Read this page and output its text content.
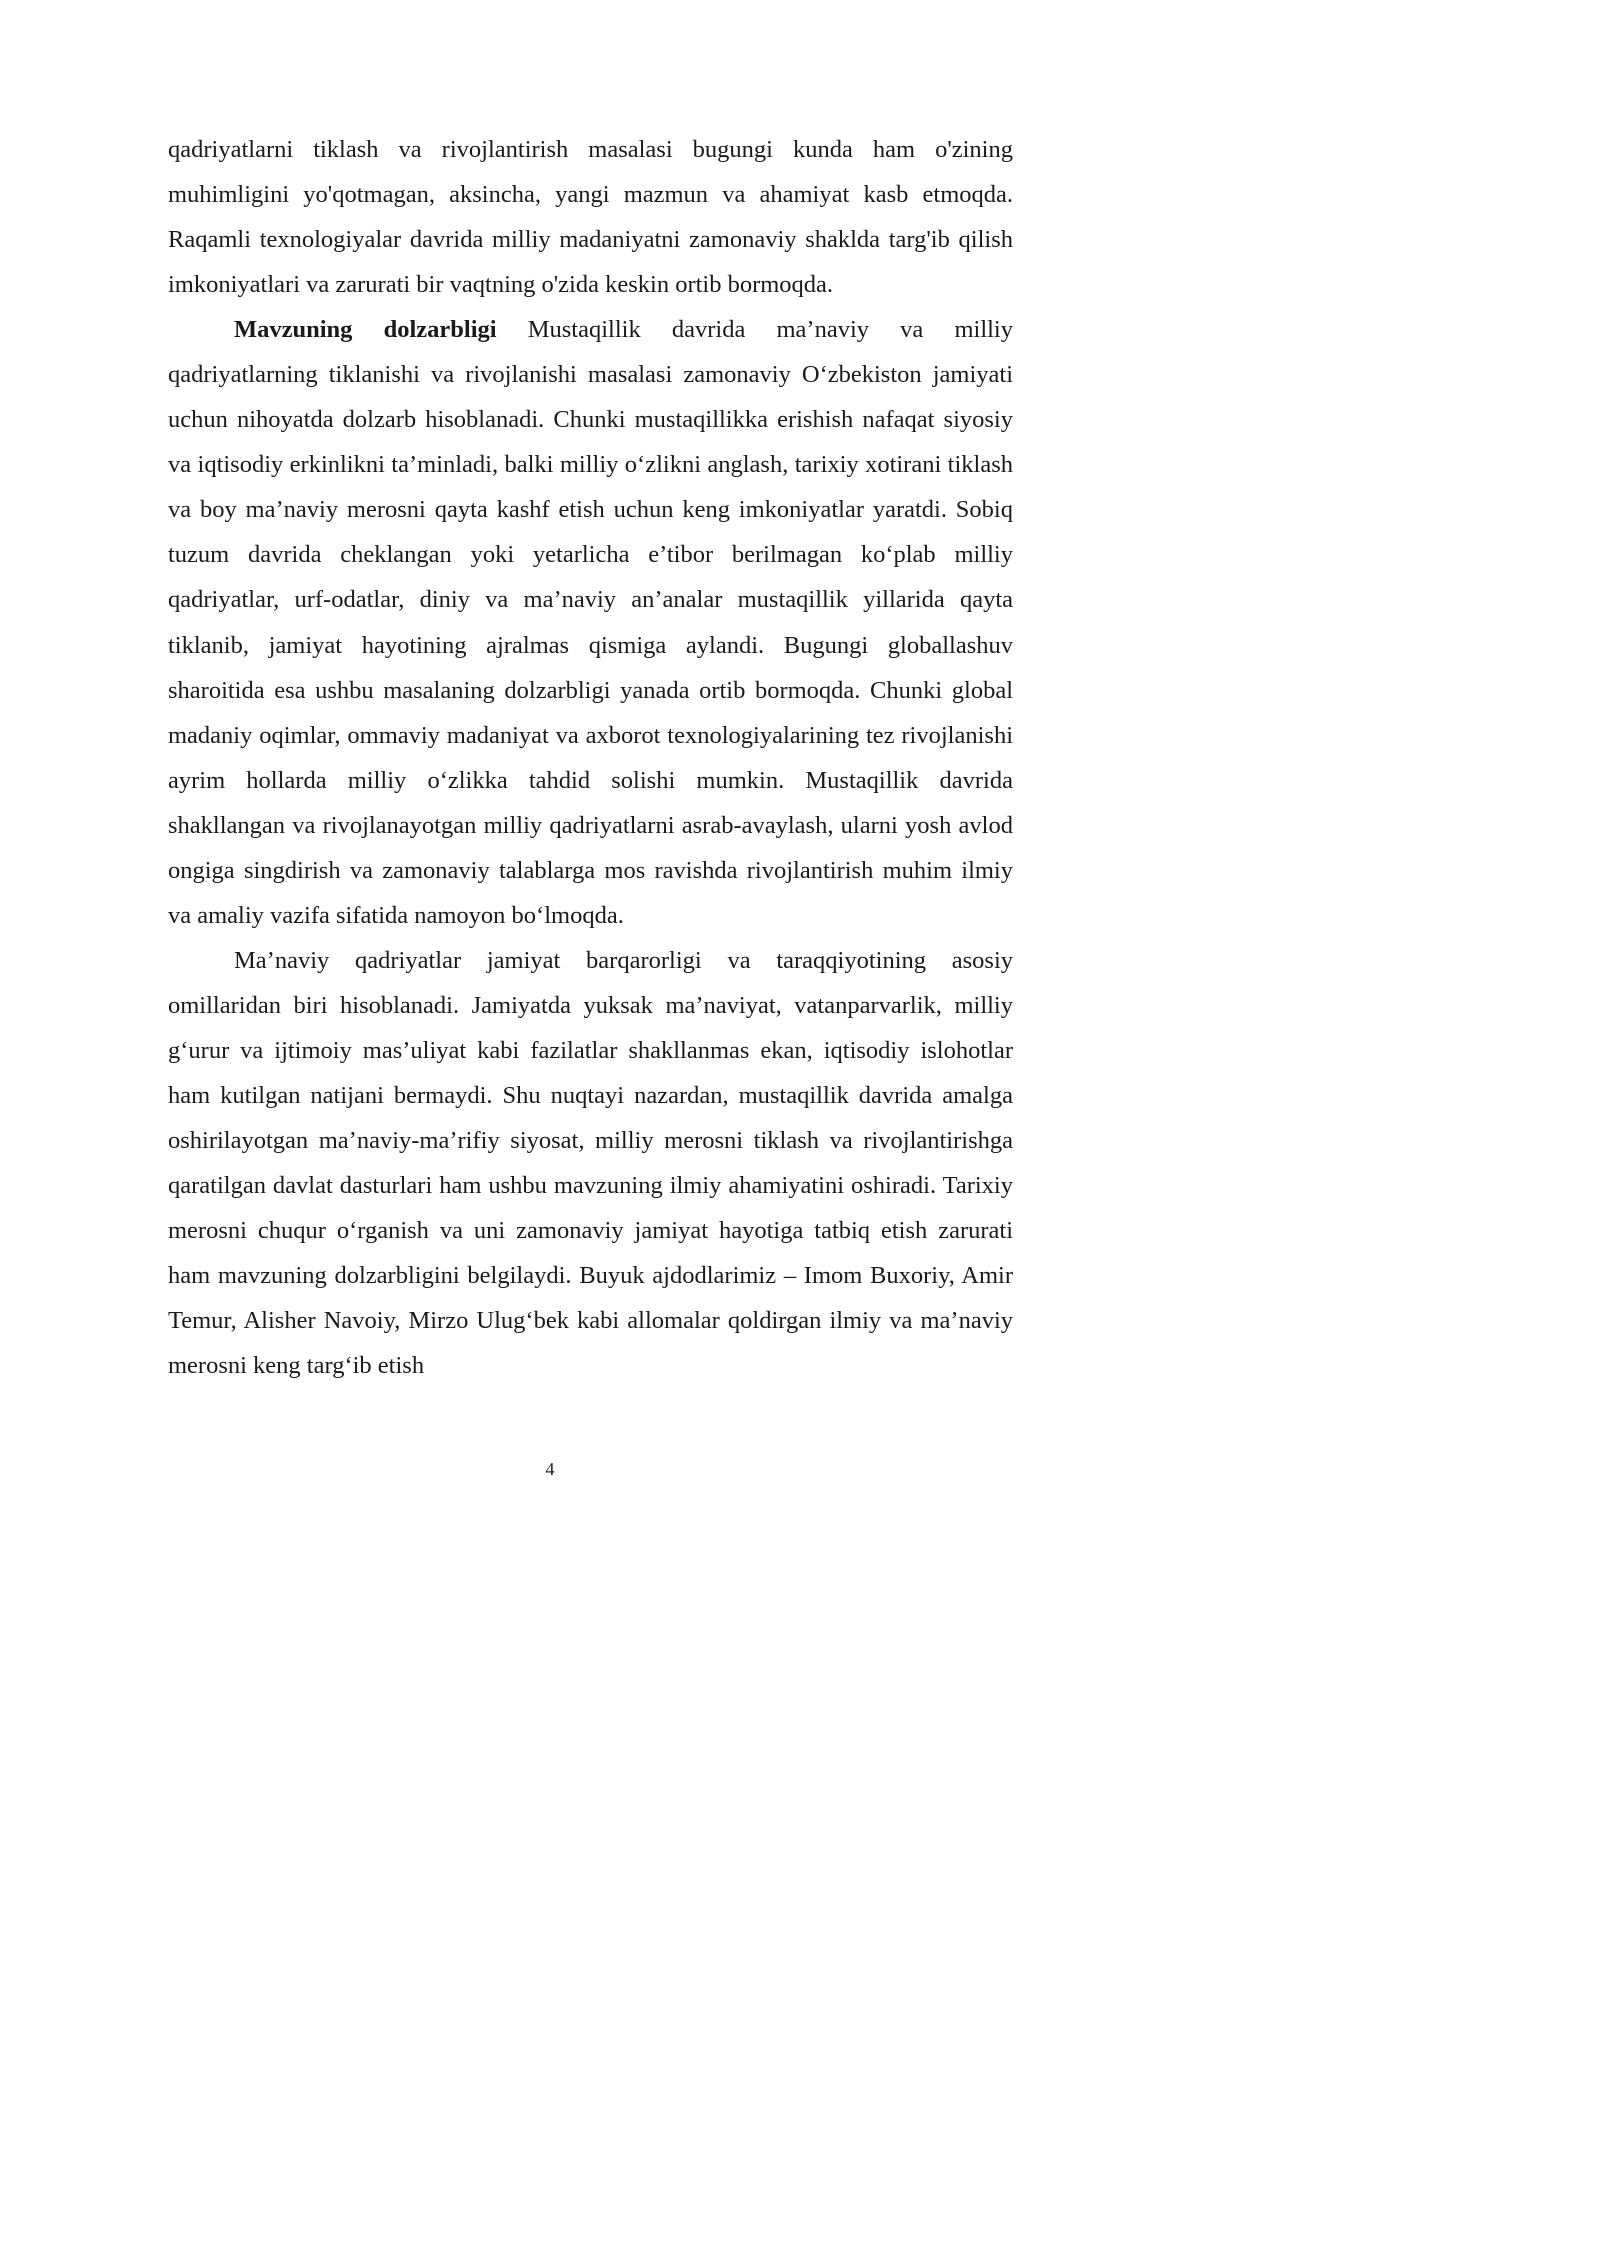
qadriyatlarni tiklash va rivojlantirish masalasi bugungi kunda ham o'zining muhimligini yo'qotmagan, aksincha, yangi mazmun va ahamiyat kasb etmoqda. Raqamli texnologiyalar davrida milliy madaniyatni zamonaviy shaklda targ'ib qilish imkoniyatlari va zarurati bir vaqtning o'zida keskin ortib bormoqda.

Mavzuning dolzarbligi Mustaqillik davrida ma’naviy va milliy qadriyatlarning tiklanishi va rivojlanishi masalasi zamonaviy O‘zbekiston jamiyati uchun nihoyatda dolzarb hisoblanadi. Chunki mustaqillikka erishish nafaqat siyosiy va iqtisodiy erkinlikni ta’minladi, balki milliy o‘zlikni anglash, tarixiy xotirani tiklash va boy ma’naviy merosni qayta kashf etish uchun keng imkoniyatlar yaratdi. Sobiq tuzum davrida cheklangan yoki yetarlicha e’tibor berilmagan ko‘plab milliy qadriyatlar, urf-odatlar, diniy va ma’naviy an’analar mustaqillik yillarida qayta tiklanib, jamiyat hayotining ajralmas qismiga aylandi. Bugungi globallashuv sharoitida esa ushbu masalaning dolzarbligi yanada ortib bormoqda. Chunki global madaniy oqimlar, ommaviy madaniyat va axborot texnologiyalarining tez rivojlanishi ayrim hollarda milliy o‘zlikka tahdid solishi mumkin. Mustaqillik davrida shakllangan va rivojlanayotgan milliy qadriyatlarni asrab-avaylash, ularni yosh avlod ongiga singdirish va zamonaviy talablarga mos ravishda rivojlantirish muhim ilmiy va amaliy vazifa sifatida namoyon bo‘lmoqda.

Ma’naviy qadriyatlar jamiyat barqarorligi va taraqqiyotining asosiy omillaridan biri hisoblanadi. Jamiyatda yuksak ma’naviyat, vatanparvarlik, milliy g‘urur va ijtimoiy mas’uliyat kabi fazilatlar shakllanmas ekan, iqtisodiy islohotlar ham kutilgan natijani bermaydi. Shu nuqtayi nazardan, mustaqillik davrida amalga oshirilayotgan ma’naviy-ma’rifiy siyosat, milliy merosni tiklash va rivojlantirishga qaratilgan davlat dasturlari ham ushbu mavzuning ilmiy ahamiyatini oshiradi. Tarixiy merosni chuqur o‘rganish va uni zamonaviy jamiyat hayotiga tatbiq etish zarurati ham mavzuning dolzarbligini belgilaydi. Buyuk ajdodlarimiz – Imom Buxoriy, Amir Temur, Alisher Navoiy, Mirzo Ulug‘bek kabi allomalar qoldirgan ilmiy va ma’naviy merosni keng targ‘ib etish

4
